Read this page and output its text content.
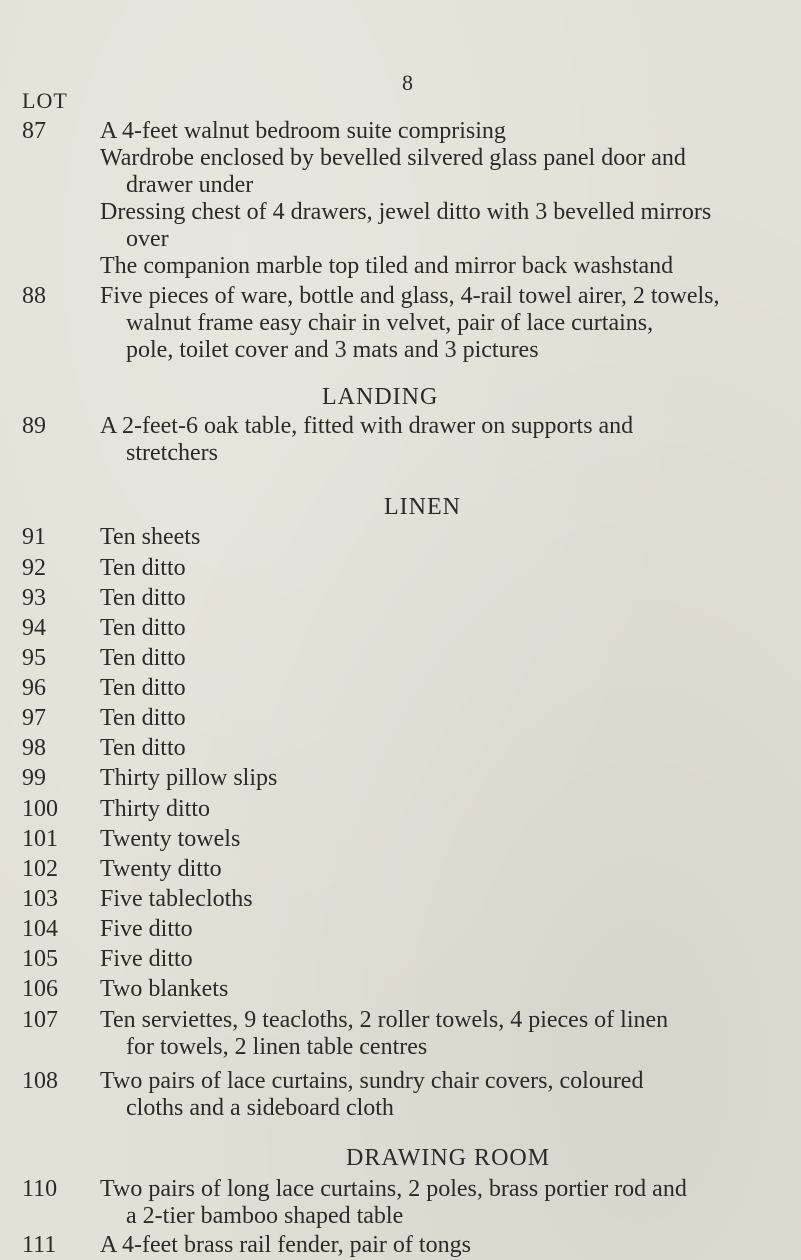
8
LOT
87	A 4-feet walnut bedroom suite comprising
Wardrobe enclosed by bevelled silvered glass panel door and
drawer under
Dressing chest of 4 drawers, jewel ditto with 3 bevelled mirrors
over
The companion marble top tiled and mirror back washstand
88	Five pieces of ware, bottle and glass, 4-rail towel airer, 2 towels,
walnut frame easy chair in velvet, pair of lace curtains,
pole, toilet cover and 3 mats and 3 pictures
LANDING
89	A 2-feet-6 oak table, fitted with drawer on supports and
stretchers
LINEN
91	Ten sheets
92	Ten ditto
93	Ten ditto
94	Ten ditto
95	Ten ditto
96	Ten ditto
97	Ten ditto
98	Ten ditto
99	Thirty pillow slips
100	Thirty ditto
101	Twenty towels
102	Twenty ditto
103	Five tablecloths
104	Five ditto
105	Five ditto
106	Two blankets
107	Ten serviettes, 9 teacloths, 2 roller towels, 4 pieces of linen
for towels, 2 linen table centres
108	Two pairs of lace curtains, sundry chair covers, coloured
cloths and a sideboard cloth
DRAWING ROOM
110	Two pairs of long lace curtains, 2 poles, brass portier rod and
a 2-tier bamboo shaped table
111	A 4-feet brass rail fender, pair of tongs
